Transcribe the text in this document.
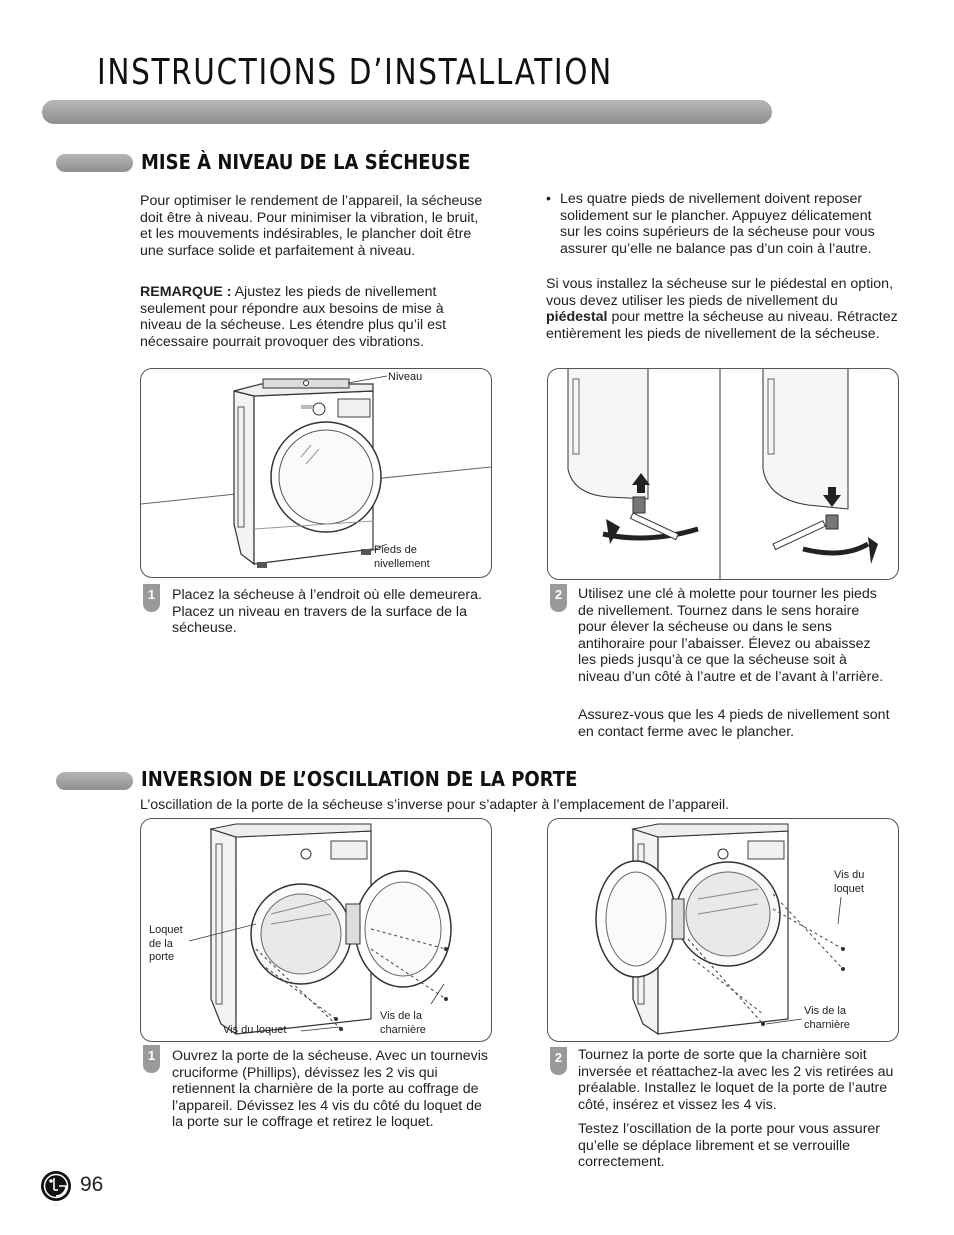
INSTRUCTIONS D’INSTALLATION
MISE À NIVEAU DE LA SÉCHEUSE
Pour optimiser le rendement de l’appareil, la sécheuse doit être à niveau. Pour minimiser la vibration, le bruit, et les mouvements indésirables, le plancher doit être une surface solide et parfaitement à niveau.
REMARQUE : Ajustez les pieds de nivellement seulement pour répondre aux besoins de mise à niveau de la sécheuse. Les étendre plus qu’il est nécessaire pourrait provoquer des vibrations.
• Les quatre pieds de nivellement doivent reposer solidement sur le plancher. Appuyez délicatement sur les coins supérieurs de la sécheuse pour vous assurer qu’elle ne balance pas d’un coin à l’autre.
Si vous installez la sécheuse sur le piédestal en option, vous devez utiliser les pieds de nivellement du piédestal pour mettre la sécheuse au niveau. Rétractez entièrement les pieds de nivellement de la sécheuse.
Niveau
Pieds de
nivellement
1	Placez la sécheuse à l’endroit où elle demeurera. Placez un niveau en travers de la surface de la sécheuse.
2	Utilisez une clé à molette pour tourner les pieds de nivellement. Tournez dans le sens horaire pour élever la sécheuse ou dans le sens antihoraire pour l’abaisser. Élevez ou abaissez les pieds jusqu’à ce que la sécheuse soit à niveau d’un côté à l’autre et de l’avant à l’arrière.
Assurez-vous que les 4 pieds de nivellement sont en contact ferme avec le plancher.
INVERSION DE L’OSCILLATION DE LA PORTE
L’oscillation de la porte de la sécheuse s’inverse pour s’adapter à l’emplacement de l’appareil.
Loquet
de la
porte
Vis du loquet
Vis de la
charnière
Vis du
loquet
Vis de la
charnière
1	Ouvrez la porte de la sécheuse. Avec un tournevis cruciforme (Phillips), dévissez les 2 vis qui retiennent la charnière de la porte au coffrage de l’appareil. Dévissez les 4 vis du côté du loquet de la porte sur le coffrage et retirez le loquet.
2	Tournez la porte de sorte que la charnière soit inversée et réattachez-la avec les 2 vis retirées au préalable. Installez le loquet de la porte de l’autre côté, insérez et vissez les 4 vis.
Testez l’oscillation de la porte pour vous assurer qu’elle se déplace librement et se verrouille correctement.
96
